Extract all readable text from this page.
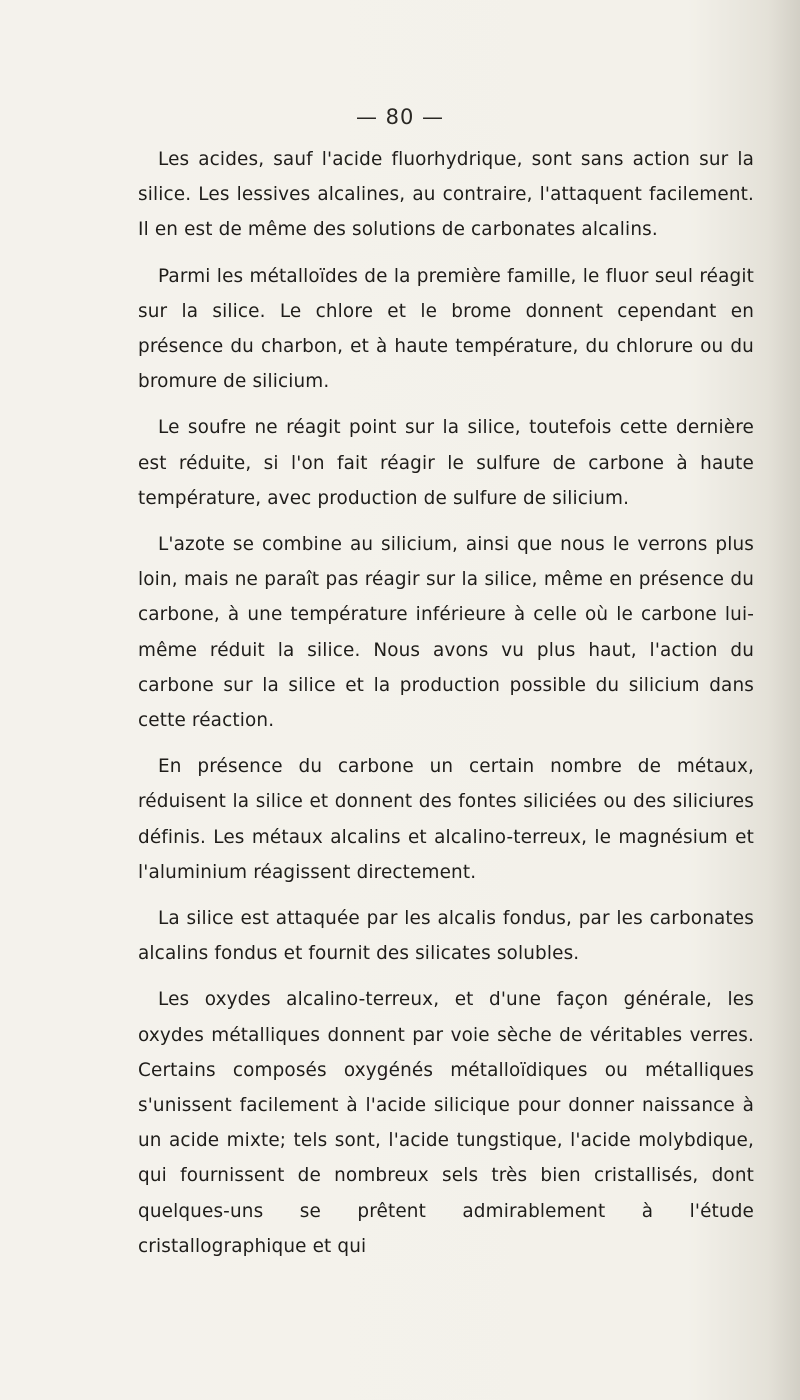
— 80 —

Les acides, sauf l'acide fluorhydrique, sont sans action sur la silice. Les lessives alcalines, au contraire, l'attaquent facilement. Il en est de même des solutions de carbonates alcalins.

Parmi les métalloïdes de la première famille, le fluor seul réagit sur la silice. Le chlore et le brome donnent cependant en présence du charbon, et à haute température, du chlorure ou du bromure de silicium.

Le soufre ne réagit point sur la silice, toutefois cette dernière est réduite, si l'on fait réagir le sulfure de carbone à haute température, avec production de sulfure de silicium.

L'azote se combine au silicium, ainsi que nous le verrons plus loin, mais ne paraît pas réagir sur la silice, même en présence du carbone, à une température inférieure à celle où le carbone lui-même réduit la silice. Nous avons vu plus haut, l'action du carbone sur la silice et la production possible du silicium dans cette réaction.

En présence du carbone un certain nombre de métaux, réduisent la silice et donnent des fontes siliciées ou des siliciures définis. Les métaux alcalins et alcalino-terreux, le magnésium et l'aluminium réagissent directement.

La silice est attaquée par les alcalis fondus, par les carbonates alcalins fondus et fournit des silicates solubles.

Les oxydes alcalino-terreux, et d'une façon générale, les oxydes métalliques donnent par voie sèche de véritables verres. Certains composés oxygénés métalloïdiques ou métalliques s'unissent facilement à l'acide silicique pour donner naissance à un acide mixte; tels sont, l'acide tungstique, l'acide molybdique, qui fournissent de nombreux sels très bien cristallisés, dont quelques-uns se prêtent admirablement à l'étude cristallographique et qui
